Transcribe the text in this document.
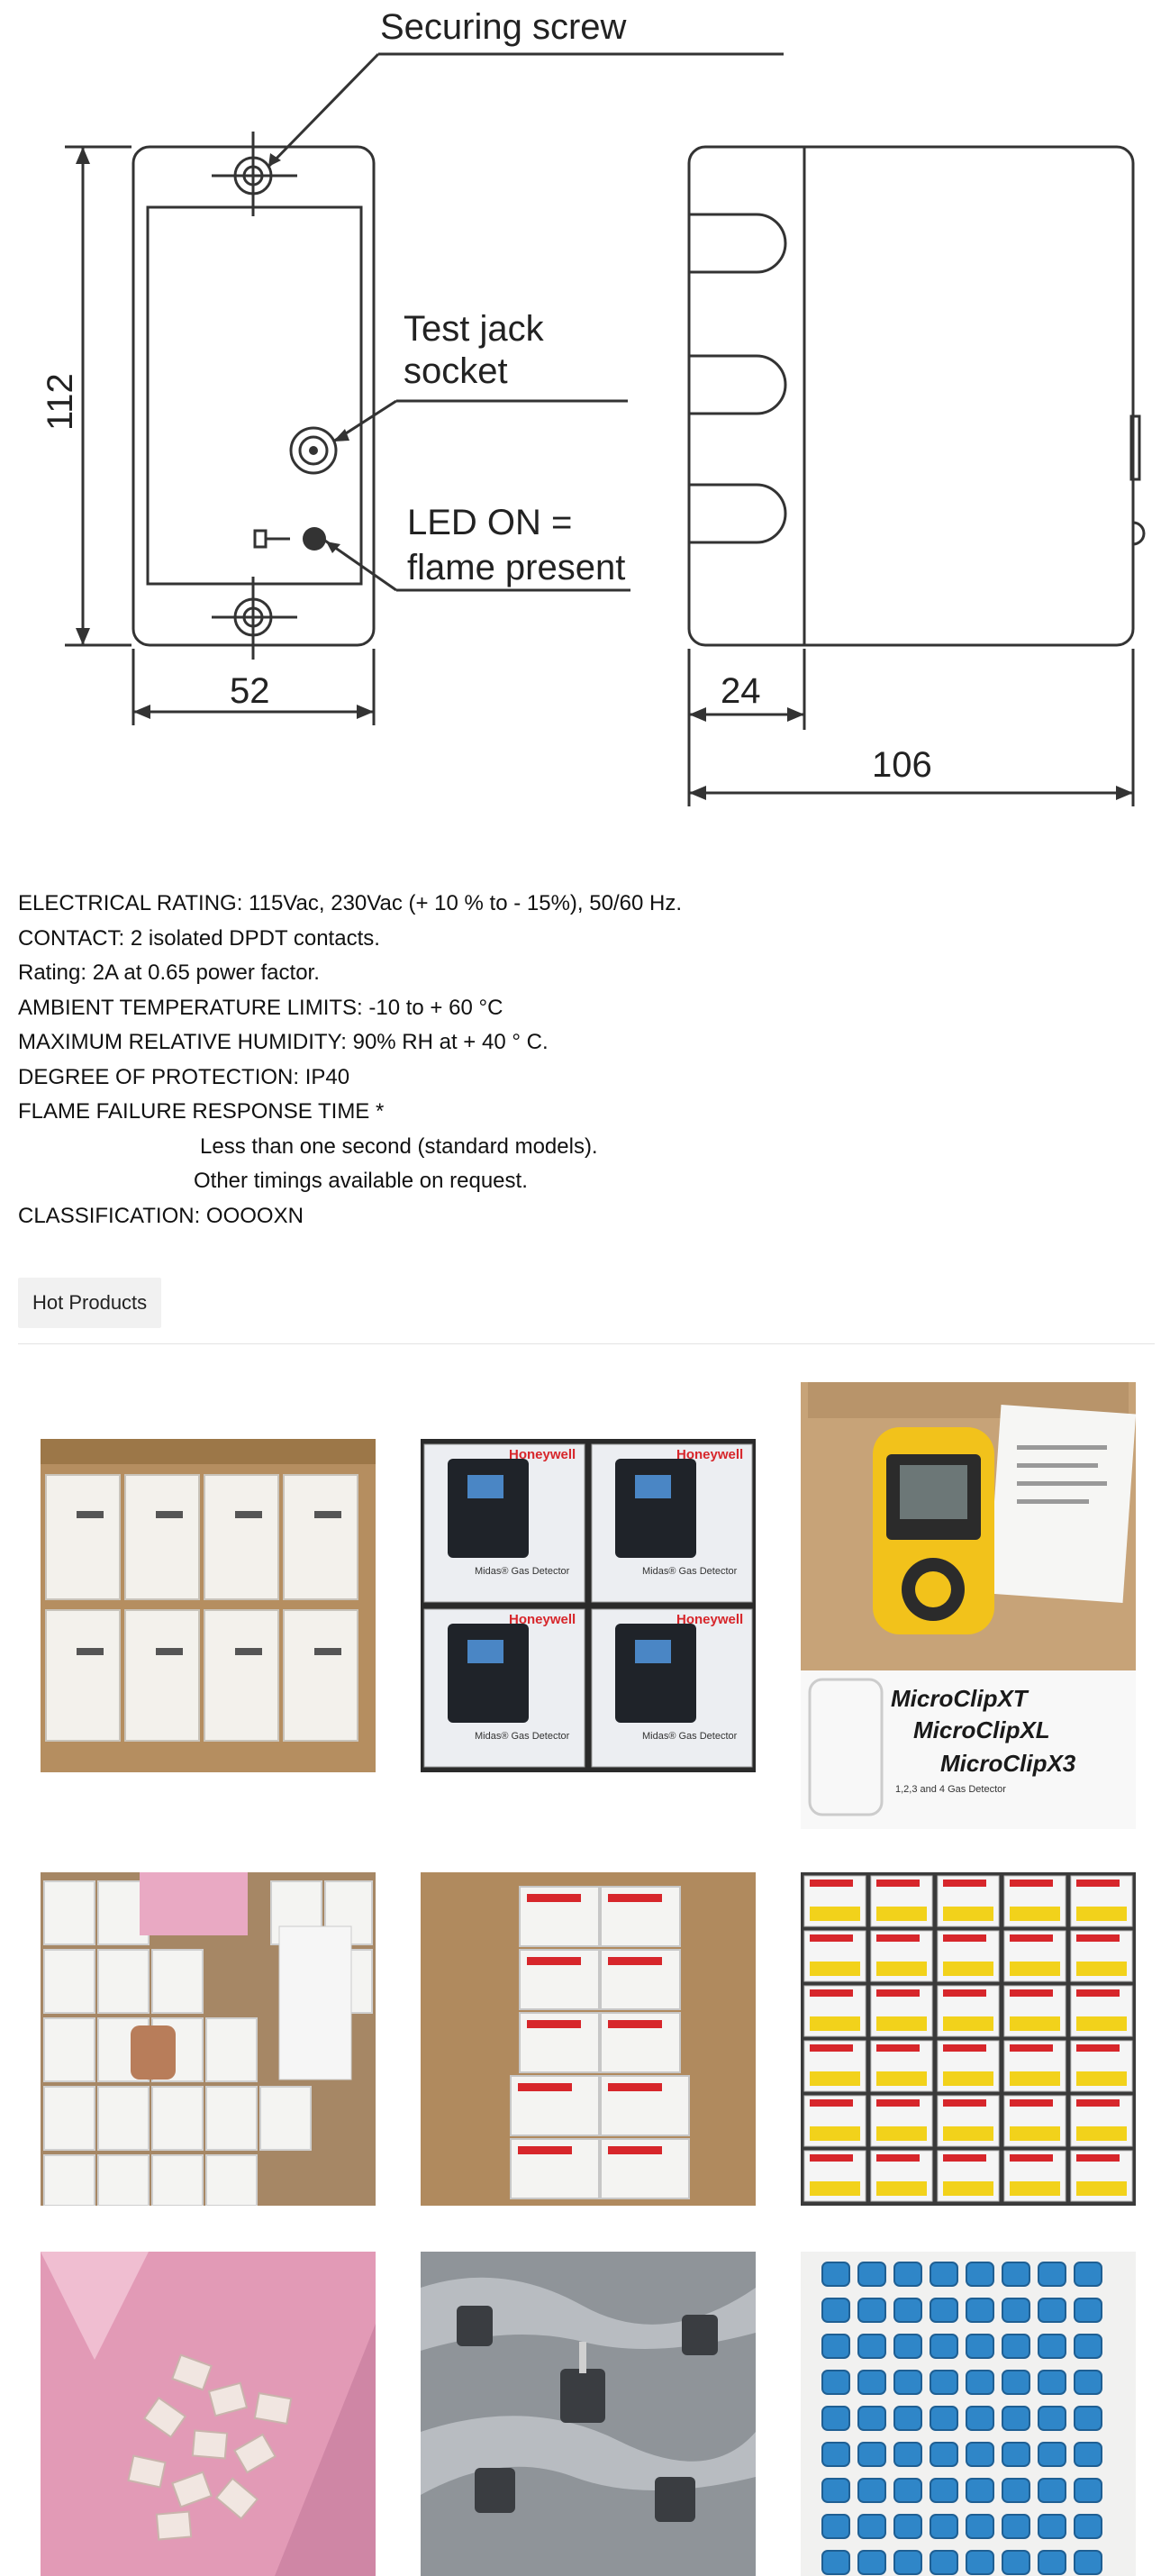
Securing screw
Test jack
socket
LED ON =
flame present
112
52	24
106
ELECTRICAL RATING: 115Vac, 230Vac (+ 10 % to - 15%), 50/60 Hz.
CONTACT: 2 isolated DPDT contacts.
Rating: 2A at 0.65 power factor.
AMBIENT TEMPERATURE LIMITS: -10 to + 60 °C
MAXIMUM RELATIVE HUMIDITY: 90% RH at + 40 ° C.
DEGREE OF PROTECTION: IP40
FLAME FAILURE RESPONSE TIME *
Less than one second (standard models).
Other timings available on request.
CLASSIFICATION: OOOOXN
Hot Products
Honeywell	Honeywell
Honeywell	Honeywell
Midas® Gas Detector	Midas® Gas Detector
Midas® Gas Detector	Midas® Gas Detector
MicroClipXT
MicroClipXL
MicroClipX3
1,2,3 and 4 Gas Detector
